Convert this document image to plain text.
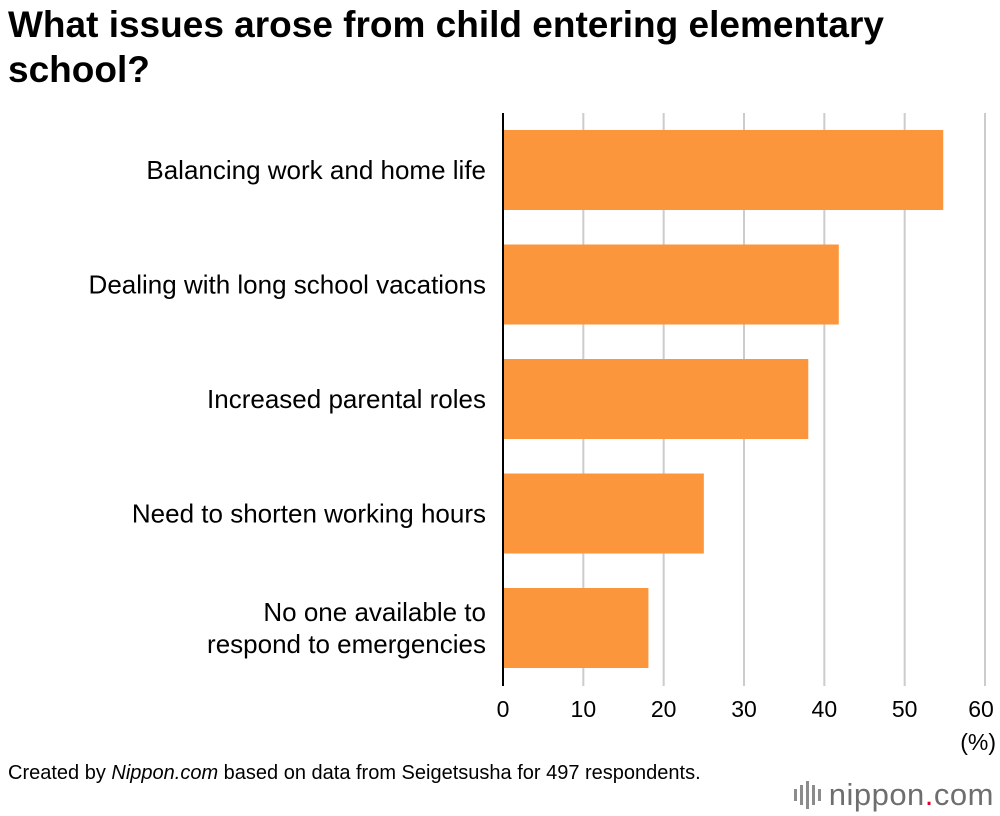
What issues arose from child entering elementary school?
Balancing work and home life
Dealing with long school vacations
Increased parental roles
Need to shorten working hours
No one available to respond to emergencies
0	10 20 30 40 50 60
(%)

Created by Nippon.com based on data from Seigetsusha for 497 respondents.

nippon.com
